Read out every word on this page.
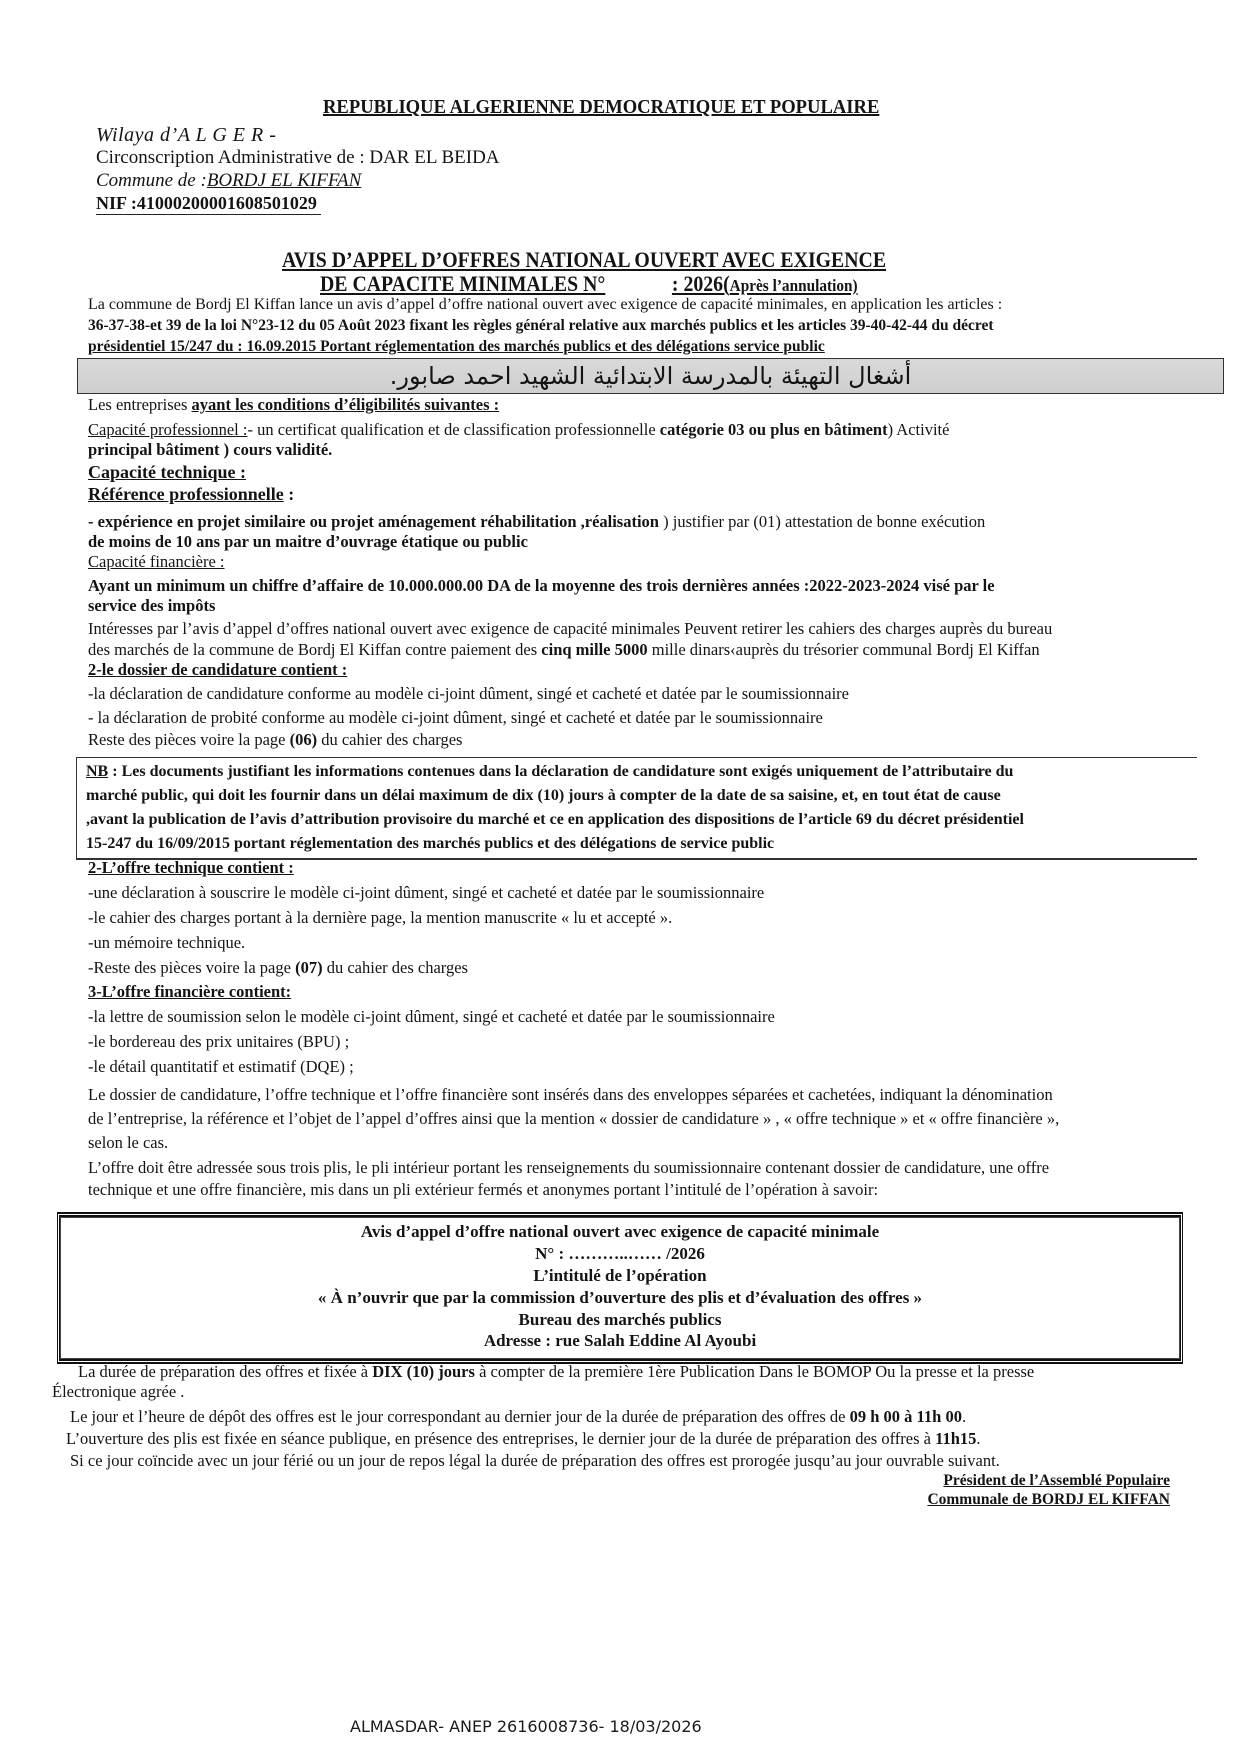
REPUBLIQUE ALGERIENNE DEMOCRATIQUE ET POPULAIRE
Wilaya d’A L G E R -
Circonscription Administrative de : DAR EL BEIDA
Commune de :BORDJ EL KIFFAN
NIF :41000200001608501029
AVIS D’APPEL D’OFFRES NATIONAL OUVERT AVEC EXIGENCE
DE CAPACITE MINIMALES N°	: 2026(Après l’annulation)
La commune de Bordj El Kiffan lance un avis d’appel d’offre national ouvert avec exigence de capacité minimales, en application les articles :
36-37-38-et 39 de la loi N°23-12 du 05 Août 2023 fixant les règles général relative aux marchés publics et les articles 39-40-42-44 du décret
présidentiel 15/247 du : 16.09.2015 Portant réglementation des marchés publics et des délégations service public
أشغال التهيئة بالمدرسة الابتدائية الشهيد احمد صابور.
Les entreprises ayant les conditions d’éligibilités suivantes :
Capacité professionnel :- un certificat qualification et de classification professionnelle catégorie 03 ou plus en bâtiment) Activité
principal bâtiment ) cours validité.
Capacité technique :
Référence professionnelle :
- expérience en projet similaire ou projet aménagement réhabilitation ,réalisation ) justifier par (01) attestation de bonne exécution
de moins de 10 ans par un maitre d’ouvrage étatique ou public
Capacité financière :
Ayant un minimum un chiffre d’affaire de 10.000.000.00 DA de la moyenne des trois dernières années :2022-2023-2024 visé par le
service des impôts
Intéresses par l’avis d’appel d’offres national ouvert avec exigence de capacité minimales Peuvent retirer les cahiers des charges auprès du bureau
des marchés de la commune de Bordj El Kiffan contre paiement des cinq mille 5000 mille dinars‹auprès du trésorier communal Bordj El Kiffan
2-le dossier de candidature contient :
-la déclaration de candidature conforme au modèle ci-joint dûment, singé et cacheté et datée par le soumissionnaire
- la déclaration de probité conforme au modèle ci-joint dûment, singé et cacheté et datée par le soumissionnaire
Reste des pièces voire la page (06) du cahier des charges
NB : Les documents justifiant les informations contenues dans la déclaration de candidature sont exigés uniquement de l’attributaire du
marché public, qui doit les fournir dans un délai maximum de dix (10) jours à compter de la date de sa saisine, et, en tout état de cause
,avant la publication de l’avis d’attribution provisoire du marché et ce en application des dispositions de l’article 69 du décret présidentiel
15-247 du 16/09/2015 portant réglementation des marchés publics et des délégations de service public
2-L’offre technique contient :
-une déclaration à souscrire le modèle ci-joint dûment, singé et cacheté et datée par le soumissionnaire
-le cahier des charges portant à la dernière page, la mention manuscrite « lu et accepté ».
-un mémoire technique.
-Reste des pièces voire la page (07) du cahier des charges
3-L’offre financière contient:
-la lettre de soumission selon le modèle ci-joint dûment, singé et cacheté et datée par le soumissionnaire
-le bordereau des prix unitaires (BPU) ;
-le détail quantitatif et estimatif (DQE) ;
Le dossier de candidature, l’offre technique et l’offre financière sont insérés dans des enveloppes séparées et cachetées, indiquant la dénomination
de l’entreprise, la référence et l’objet de l’appel d’offres ainsi que la mention « dossier de candidature » , « offre technique » et « offre financière »,
selon le cas.
L’offre doit être adressée sous trois plis, le pli intérieur portant les renseignements du soumissionnaire contenant dossier de candidature, une offre
technique et une offre financière, mis dans un pli extérieur fermés et anonymes portant l’intitulé de l’opération à savoir:
Avis d’appel d’offre national ouvert avec exigence de capacité minimale
N° : ………..…… /2026
L’intitulé de l’opération
« À n’ouvrir que par la commission d’ouverture des plis et d’évaluation des offres »
Bureau des marchés publics
Adresse : rue Salah Eddine Al Ayoubi
La durée de préparation des offres et fixée à DIX (10) jours à compter de la première 1ère Publication Dans le BOMOP Ou la presse et la presse
Électronique agrée .
Le jour et l’heure de dépôt des offres est le jour correspondant au dernier jour de la durée de préparation des offres de 09 h 00 à 11h 00.
L’ouverture des plis est fixée en séance publique, en présence des entreprises, le dernier jour de la durée de préparation des offres à 11h15.
Si ce jour coïncide avec un jour férié ou un jour de repos légal la durée de préparation des offres est prorogée jusqu’au jour ouvrable suivant.
Président de l’Assemblé Populaire
Communale de BORDJ EL KIFFAN
ALMASDAR- ANEP 2616008736- 18/03/2026
